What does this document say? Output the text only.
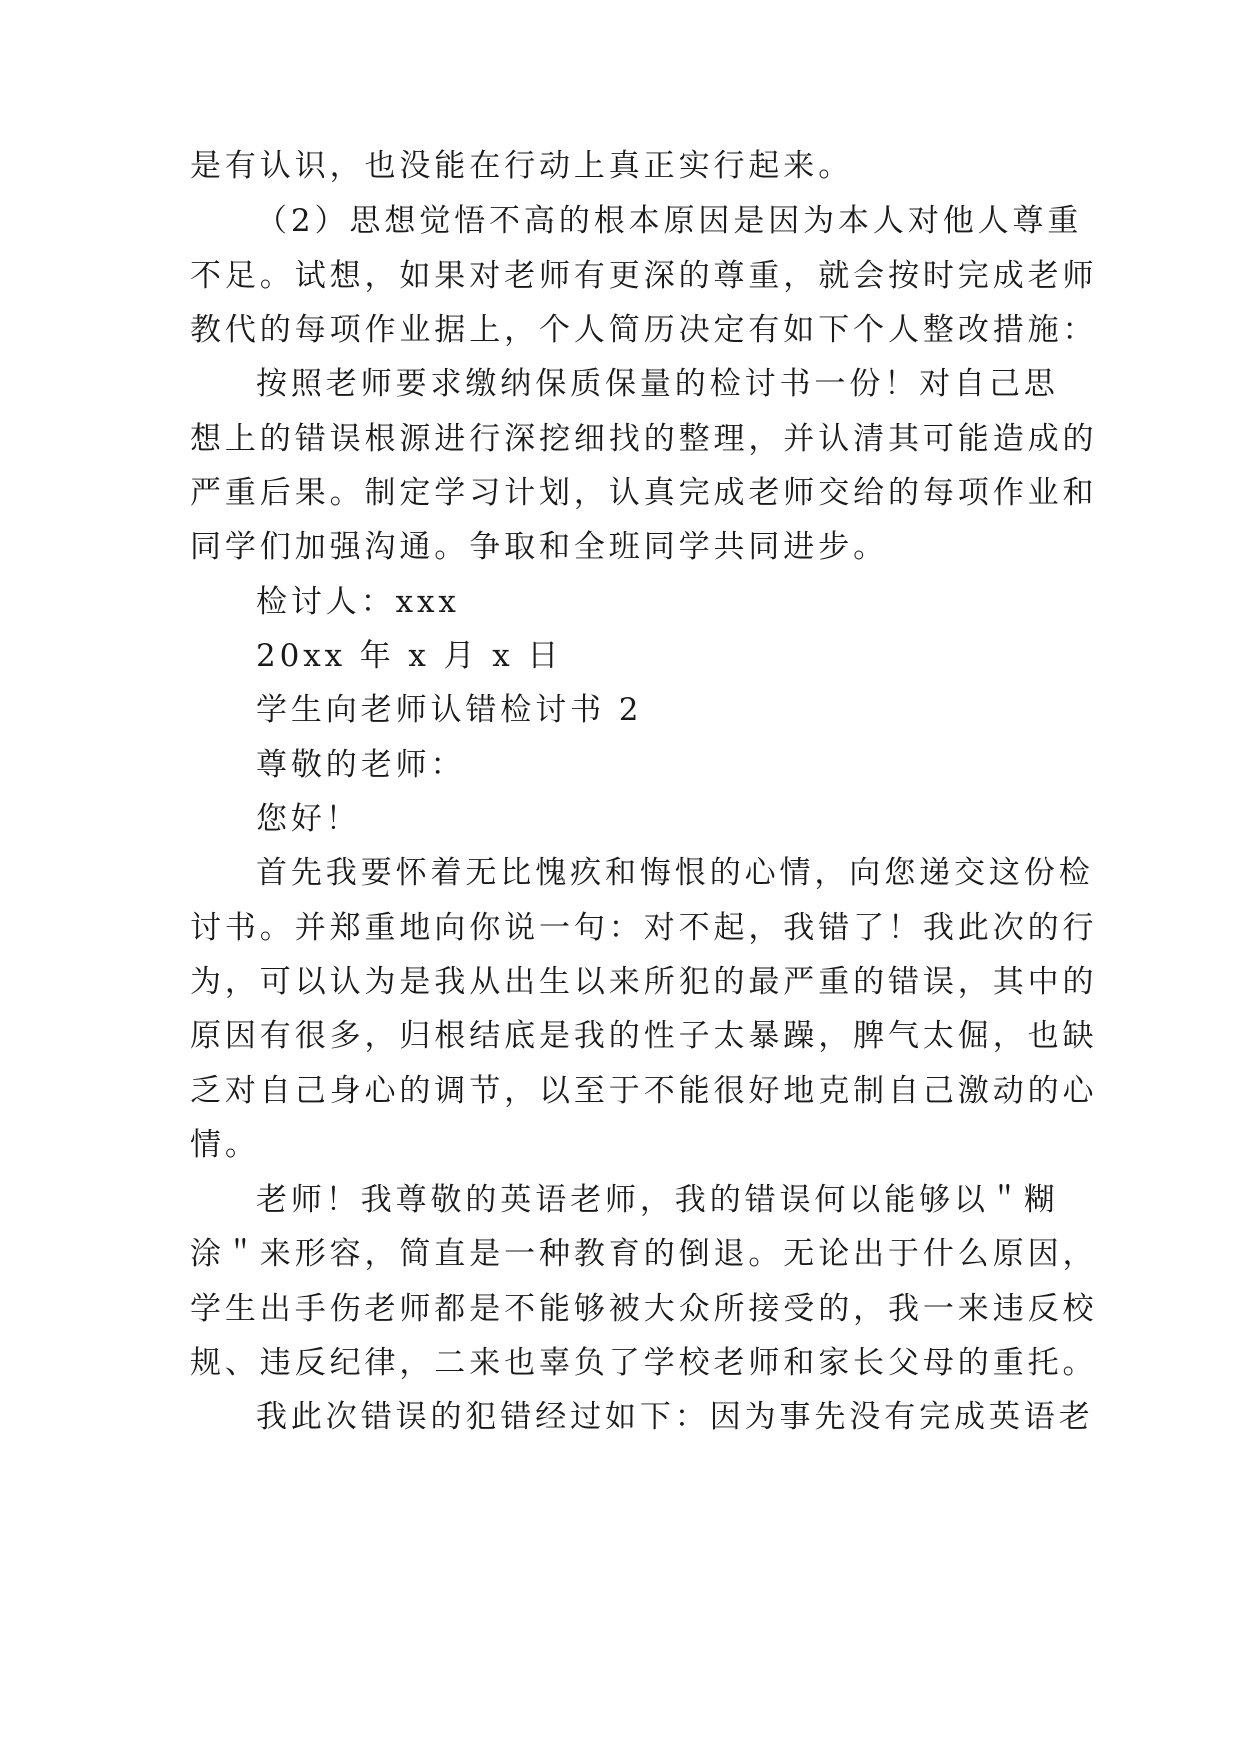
是有认识，也没能在行动上真正实行起来。
（2）思想觉悟不高的根本原因是因为本人对他人尊重
不足。试想，如果对老师有更深的尊重，就会按时完成老师
教代的每项作业据上，个人简历决定有如下个人整改措施：
按照老师要求缴纳保质保量的检讨书一份！对自己思
想上的错误根源进行深挖细找的整理，并认清其可能造成的
严重后果。制定学习计划，认真完成老师交给的每项作业和
同学们加强沟通。争取和全班同学共同进步。
检讨人：xxx
20xx 年 x 月 x 日
学生向老师认错检讨书 2
尊敬的老师：
您好！
首先我要怀着无比愧疚和悔恨的心情，向您递交这份检
讨书。并郑重地向你说一句：对不起，我错了！我此次的行
为，可以认为是我从出生以来所犯的最严重的错误，其中的
原因有很多，归根结底是我的性子太暴躁，脾气太倔，也缺
乏对自己身心的调节，以至于不能很好地克制自己激动的心
情。
老师！我尊敬的英语老师，我的错误何以能够以＂糊
涂＂来形容，简直是一种教育的倒退。无论出于什么原因，
学生出手伤老师都是不能够被大众所接受的，我一来违反校
规、违反纪律，二来也辜负了学校老师和家长父母的重托。
我此次错误的犯错经过如下：因为事先没有完成英语老
